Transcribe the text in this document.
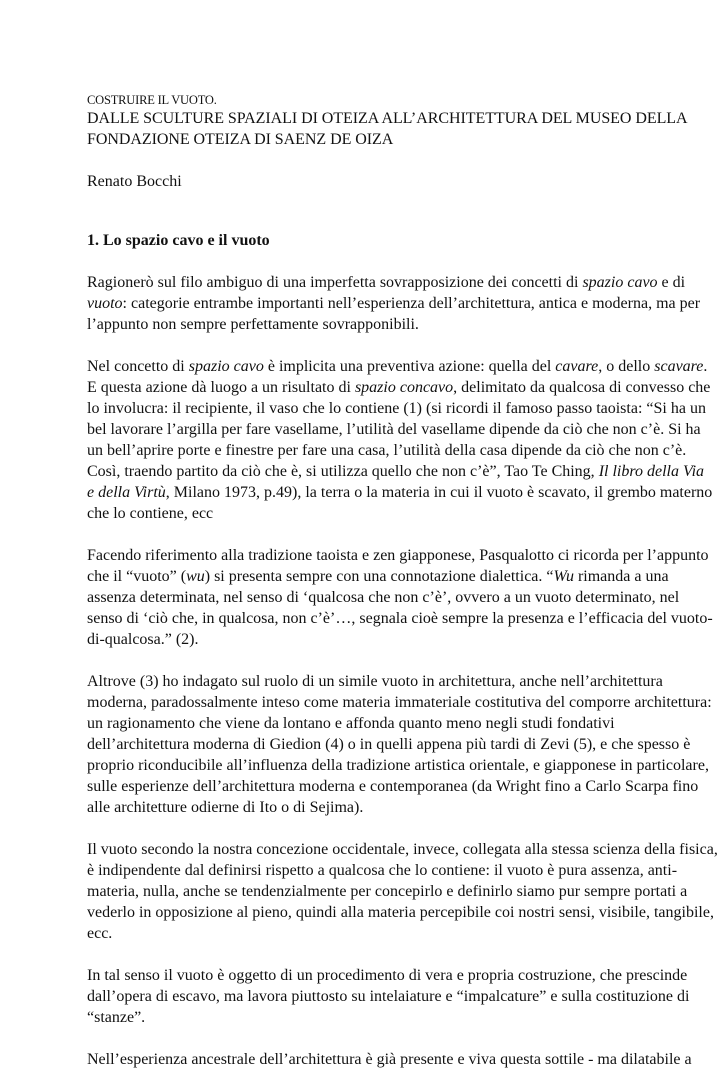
COSTRUIRE IL VUOTO.
DALLE SCULTURE SPAZIALI DI OTEIZA ALL’ARCHITETTURA DEL MUSEO DELLA
FONDAZIONE OTEIZA DI SAENZ DE OIZA
Renato Bocchi
1. Lo spazio cavo e il vuoto
Ragionerò sul filo ambiguo di una imperfetta sovrapposizione dei concetti di spazio cavo e di
vuoto: categorie entrambe importanti nell’esperienza dell’architettura, antica e moderna, ma per
l’appunto non sempre perfettamente sovrapponibili.
Nel concetto di spazio cavo è implicita una preventiva azione: quella del cavare, o dello scavare.
E questa azione dà luogo a un risultato di spazio concavo, delimitato da qualcosa di convesso che
lo involucra: il recipiente, il vaso che lo contiene (1) (si ricordi il famoso passo taoista: “Si ha un
bel lavorare l’argilla per fare vasellame, l’utilità del vasellame dipende da ciò che non c’è. Si ha
un bell’aprire porte e finestre per fare una casa, l’utilità della casa dipende da ciò che non c’è.
Così, traendo partito da ciò che è, si utilizza quello che non c’è”, Tao Te Ching, Il libro della Via
e della Virtù, Milano 1973, p.49), la terra o la materia in cui il vuoto è scavato, il grembo materno
che lo contiene, ecc
Facendo riferimento alla tradizione taoista e zen giapponese, Pasqualotto ci ricorda per l’appunto
che il “vuoto” (wu) si presenta sempre con una connotazione dialettica. “Wu rimanda a una
assenza determinata, nel senso di ‘qualcosa che non c’è’, ovvero a un vuoto determinato, nel
senso di ‘ciò che, in qualcosa, non c’è’…, segnala cioè sempre la presenza e l’efficacia del vuoto-
di-qualcosa.” (2).
Altrove (3) ho indagato sul ruolo di un simile vuoto in architettura, anche nell’architettura
moderna, paradossalmente inteso come materia immateriale costitutiva del comporre architettura:
un ragionamento che viene da lontano e affonda quanto meno negli studi fondativi
dell’architettura moderna di Giedion (4) o in quelli appena più tardi di Zevi (5), e che spesso è
proprio riconducibile all’influenza della tradizione artistica orientale, e giapponese in particolare,
sulle esperienze dell’architettura moderna e contemporanea (da Wright fino a Carlo Scarpa fino
alle architetture odierne di Ito o di Sejima).
Il vuoto secondo la nostra concezione occidentale, invece, collegata alla stessa scienza della fisica,
è indipendente dal definirsi rispetto a qualcosa che lo contiene: il vuoto è pura assenza, anti-
materia, nulla, anche se tendenzialmente per concepirlo e definirlo siamo pur sempre portati a
vederlo in opposizione al pieno, quindi alla materia percepibile coi nostri sensi, visibile, tangibile,
ecc.
In tal senso il vuoto è oggetto di un procedimento di vera e propria costruzione, che prescinde
dall’opera di escavo, ma lavora piuttosto su intelaiature e “impalcature” e sulla costituzione di
“stanze”.
Nell’esperienza ancestrale dell’architettura è già presente e viva questa sottile - ma dilatabile a
